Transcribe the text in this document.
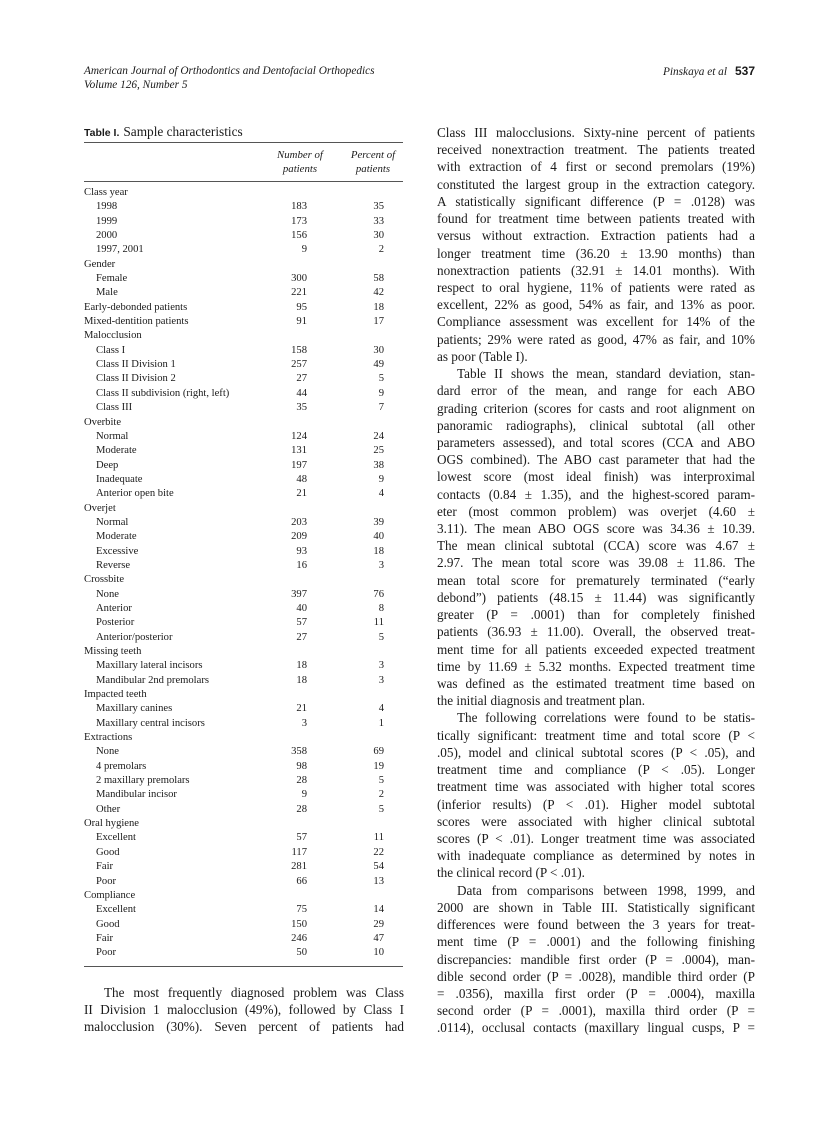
American Journal of Orthodontics and Dentofacial Orthopedics
Volume 126, Number 5
Pinskaya et al 537
Table I. Sample characteristics
Number of
patients
Percent of
patients
Class year
1998	183	35
1999	173	33
2000	156	30
1997, 2001	9	2
Gender
Female	300	58
Male	221	42
Early-debonded patients	95	18
Mixed-dentition patients	91	17
Malocclusion
Class I	158	30
Class II Division 1	257	49
Class II Division 2	27	5
Class II subdivision (right, left)	44	9
Class III	35	7
Overbite
Normal	124	24
Moderate	131	25
Deep	197	38
Inadequate	48	9
Anterior open bite	21	4
Overjet
Normal	203	39
Moderate	209	40
Excessive	93	18
Reverse	16	3
Crossbite
None	397	76
Anterior	40	8
Posterior	57	11
Anterior/posterior	27	5
Missing teeth
Maxillary lateral incisors	18	3
Mandibular 2nd premolars	18	3
Impacted teeth
Maxillary canines	21	4
Maxillary central incisors	3	1
Extractions
None	358	69
4 premolars	98	19
2 maxillary premolars	28	5
Mandibular incisor	9	2
Other	28	5
Oral hygiene
Excellent	57	11
Good	117	22
Fair	281	54
Poor	66	13
Compliance
Excellent	75	14
Good	150	29
Fair	246	47
Poor	50	10
The most frequently diagnosed problem was Class
II Division 1 malocclusion (49%), followed by Class I
malocclusion (30%). Seven percent of patients had
Class III malocclusions. Sixty-nine percent of patients
received nonextraction treatment. The patients treated
with extraction of 4 first or second premolars (19%)
constituted the largest group in the extraction category.
A statistically significant difference (P = .0128) was
found for treatment time between patients treated with
versus without extraction. Extraction patients had a
longer treatment time (36.20 ± 13.90 months) than
nonextraction patients (32.91 ± 14.01 months). With
respect to oral hygiene, 11% of patients were rated as
excellent, 22% as good, 54% as fair, and 13% as poor.
Compliance assessment was excellent for 14% of the
patients; 29% were rated as good, 47% as fair, and 10%
as poor (Table I).
Table II shows the mean, standard deviation, stan-
dard error of the mean, and range for each ABO
grading criterion (scores for casts and root alignment on
panoramic radiographs), clinical subtotal (all other
parameters assessed), and total scores (CCA and ABO
OGS combined). The ABO cast parameter that had the
lowest score (most ideal finish) was interproximal
contacts (0.84 ± 1.35), and the highest-scored param-
eter (most common problem) was overjet (4.60 ±
3.11). The mean ABO OGS score was 34.36 ± 10.39.
The mean clinical subtotal (CCA) score was 4.67 ±
2.97. The mean total score was 39.08 ± 11.86. The
mean total score for prematurely terminated (“early
debond”) patients (48.15 ± 11.44) was significantly
greater (P = .0001) than for completely finished
patients (36.93 ± 11.00). Overall, the observed treat-
ment time for all patients exceeded expected treatment
time by 11.69 ± 5.32 months. Expected treatment time
was defined as the estimated treatment time based on
the initial diagnosis and treatment plan.
The following correlations were found to be statis-
tically significant: treatment time and total score (P <
.05), model and clinical subtotal scores (P < .05), and
treatment time and compliance (P < .05). Longer
treatment time was associated with higher total scores
(inferior results) (P < .01). Higher model subtotal
scores were associated with higher clinical subtotal
scores (P < .01). Longer treatment time was associated
with inadequate compliance as determined by notes in
the clinical record (P < .01).
Data from comparisons between 1998, 1999, and
2000 are shown in Table III. Statistically significant
differences were found between the 3 years for treat-
ment time (P = .0001) and the following finishing
discrepancies: mandible first order (P = .0004), man-
dible second order (P = .0028), mandible third order (P
= .0356), maxilla first order (P = .0004), maxilla
second order (P = .0001), maxilla third order (P =
.0114), occlusal contacts (maxillary lingual cusps, P =
